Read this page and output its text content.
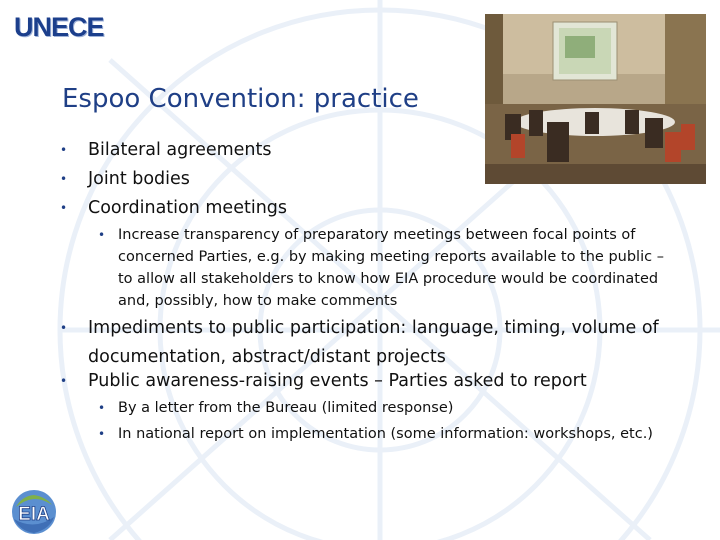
UNECE
Espoo Convention: practice
• Bilateral agreements
• Joint bodies
• Coordination meetings
• Increase transparency of preparatory meetings between focal points of concerned Parties, e.g. by making meeting reports available to the public – to allow all stakeholders to know how EIA procedure would be coordinated and, possibly, how to make comments
• Impediments to public participation: language, timing, volume of documentation, abstract/distant projects
• Public awareness-raising events – Parties asked to report
• By a letter from the Bureau (limited response)
• In national report on implementation (some information: workshops, etc.)
EIA
